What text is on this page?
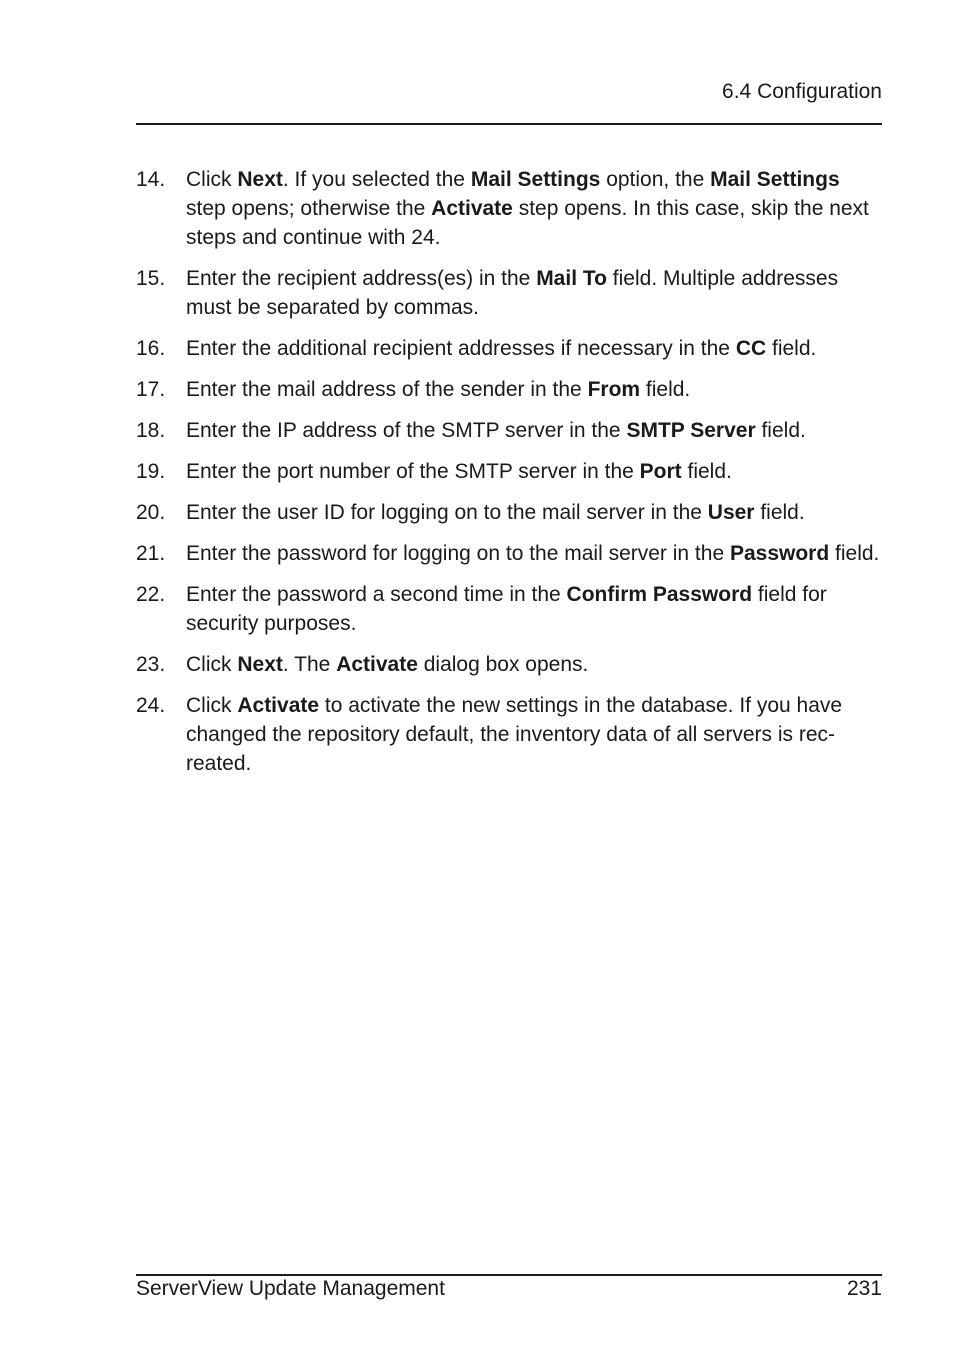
6.4 Configuration
14. Click Next. If you selected the Mail Settings option, the Mail Settings step opens; otherwise the Activate step opens. In this case, skip the next steps and continue with 24.
15. Enter the recipient address(es) in the Mail To field. Multiple addresses must be separated by commas.
16. Enter the additional recipient addresses if necessary in the CC field.
17. Enter the mail address of the sender in the From field.
18. Enter the IP address of the SMTP server in the SMTP Server field.
19. Enter the port number of the SMTP server in the Port field.
20. Enter the user ID for logging on to the mail server in the User field.
21. Enter the password for logging on to the mail server in the Password field.
22. Enter the password a second time in the Confirm Password field for security purposes.
23. Click Next. The Activate dialog box opens.
24. Click Activate to activate the new settings in the database. If you have changed the repository default, the inventory data of all servers is rec-reated.
ServerView Update Management	231
